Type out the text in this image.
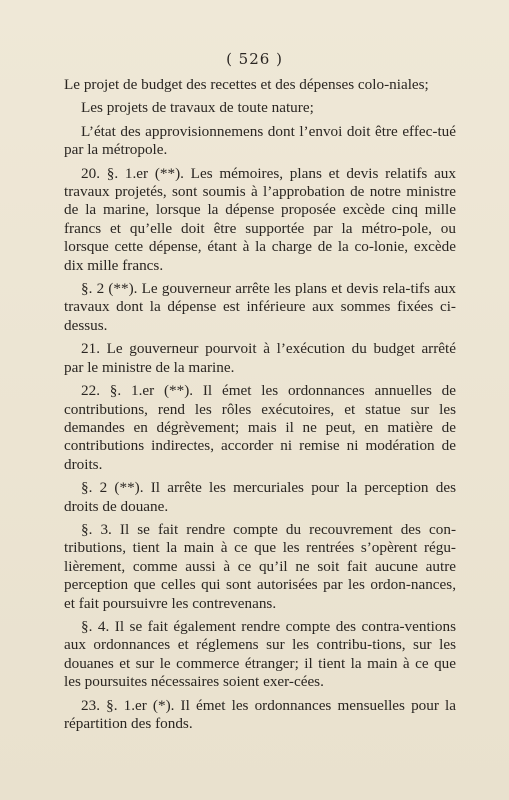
( 526 )

Le projet de budget des recettes et des dépenses colo-niales;

Les projets de travaux de toute nature;

L’état des approvisionnemens dont l’envoi doit être effec-tué par la métropole.

20. §. 1.er (**). Les mémoires, plans et devis relatifs aux travaux projetés, sont soumis à l’approbation de notre ministre de la marine, lorsque la dépense proposée excède cinq mille francs et qu’elle doit être supportée par la métro-pole, ou lorsque cette dépense, étant à la charge de la co-lonie, excède dix mille francs.

§. 2 (**). Le gouverneur arrête les plans et devis rela-tifs aux travaux dont la dépense est inférieure aux sommes fixées ci-dessus.

21. Le gouverneur pourvoit à l’exécution du budget arrêté par le ministre de la marine.

22. §. 1.er (**). Il émet les ordonnances annuelles de contributions, rend les rôles exécutoires, et statue sur les demandes en dégrèvement; mais il ne peut, en matière de contributions indirectes, accorder ni remise ni modération de droits.

§. 2 (**). Il arrête les mercuriales pour la perception des droits de douane.

§. 3. Il se fait rendre compte du recouvrement des con-tributions, tient la main à ce que les rentrées s’opèrent régu-lièrement, comme aussi à ce qu’il ne soit fait aucune autre perception que celles qui sont autorisées par les ordon-nances, et fait poursuivre les contrevenans.

§. 4. Il se fait également rendre compte des contra-ventions aux ordonnances et réglemens sur les contribu-tions, sur les douanes et sur le commerce étranger; il tient la main à ce que les poursuites nécessaires soient exer-cées.

23. §. 1.er (*). Il émet les ordonnances mensuelles pour la répartition des fonds.
